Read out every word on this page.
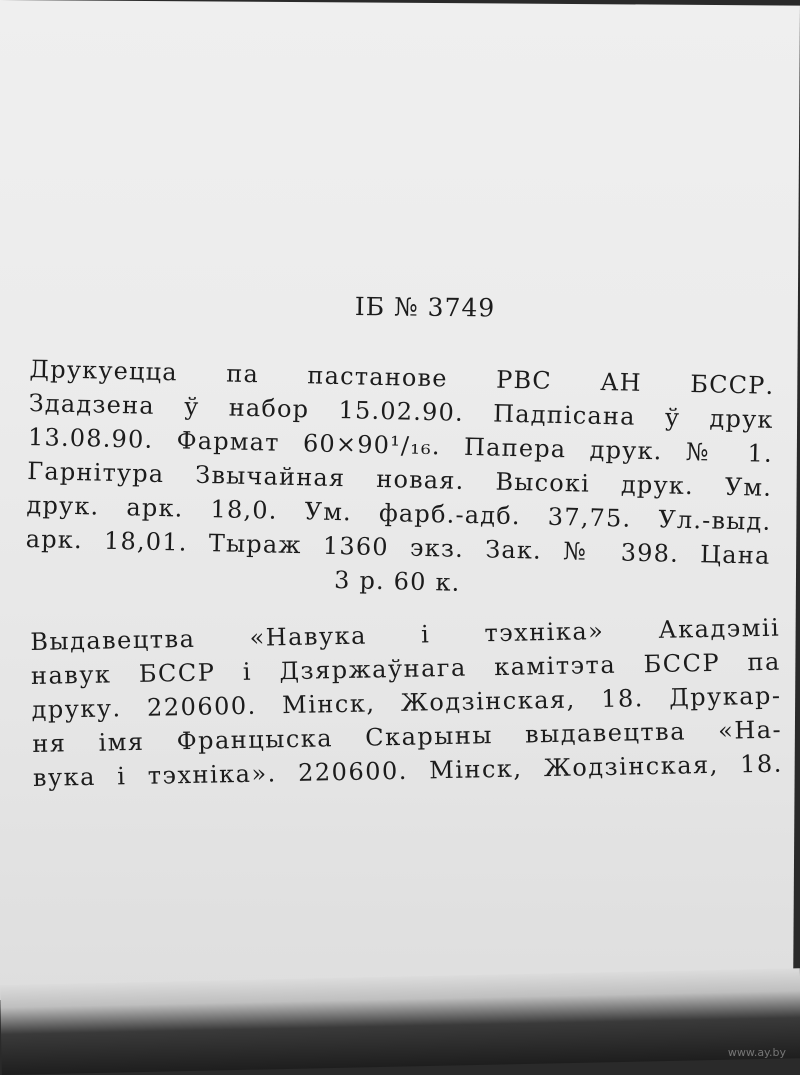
ІБ № 3749
Друкуецца па пастанове РВС АН БССР.
Здадзена ў набор 15.02.90. Падпісана ў друк
13.08.90. Фармат 60×90¹/₁₆. Папера друк. № 1.
Гарнітура Звычайная новая. Высокі друк. Ум.
друк. арк. 18,0. Ум. фарб.-адб. 37,75. Ул.-выд.
арк. 18,01. Тыраж 1360 экз. Зак. № 398. Цана
3 р. 60 к.
Выдавецтва «Навука і тэхніка» Акадэміі
навук БССР і Дзяржаўнага камітэта БССР па
друку. 220600. Мінск, Жодзінская, 18. Друкар-
ня імя Францыска Скарыны выдавецтва «На-
вука і тэхніка». 220600. Мінск, Жодзінская, 18.
www.ay.by
